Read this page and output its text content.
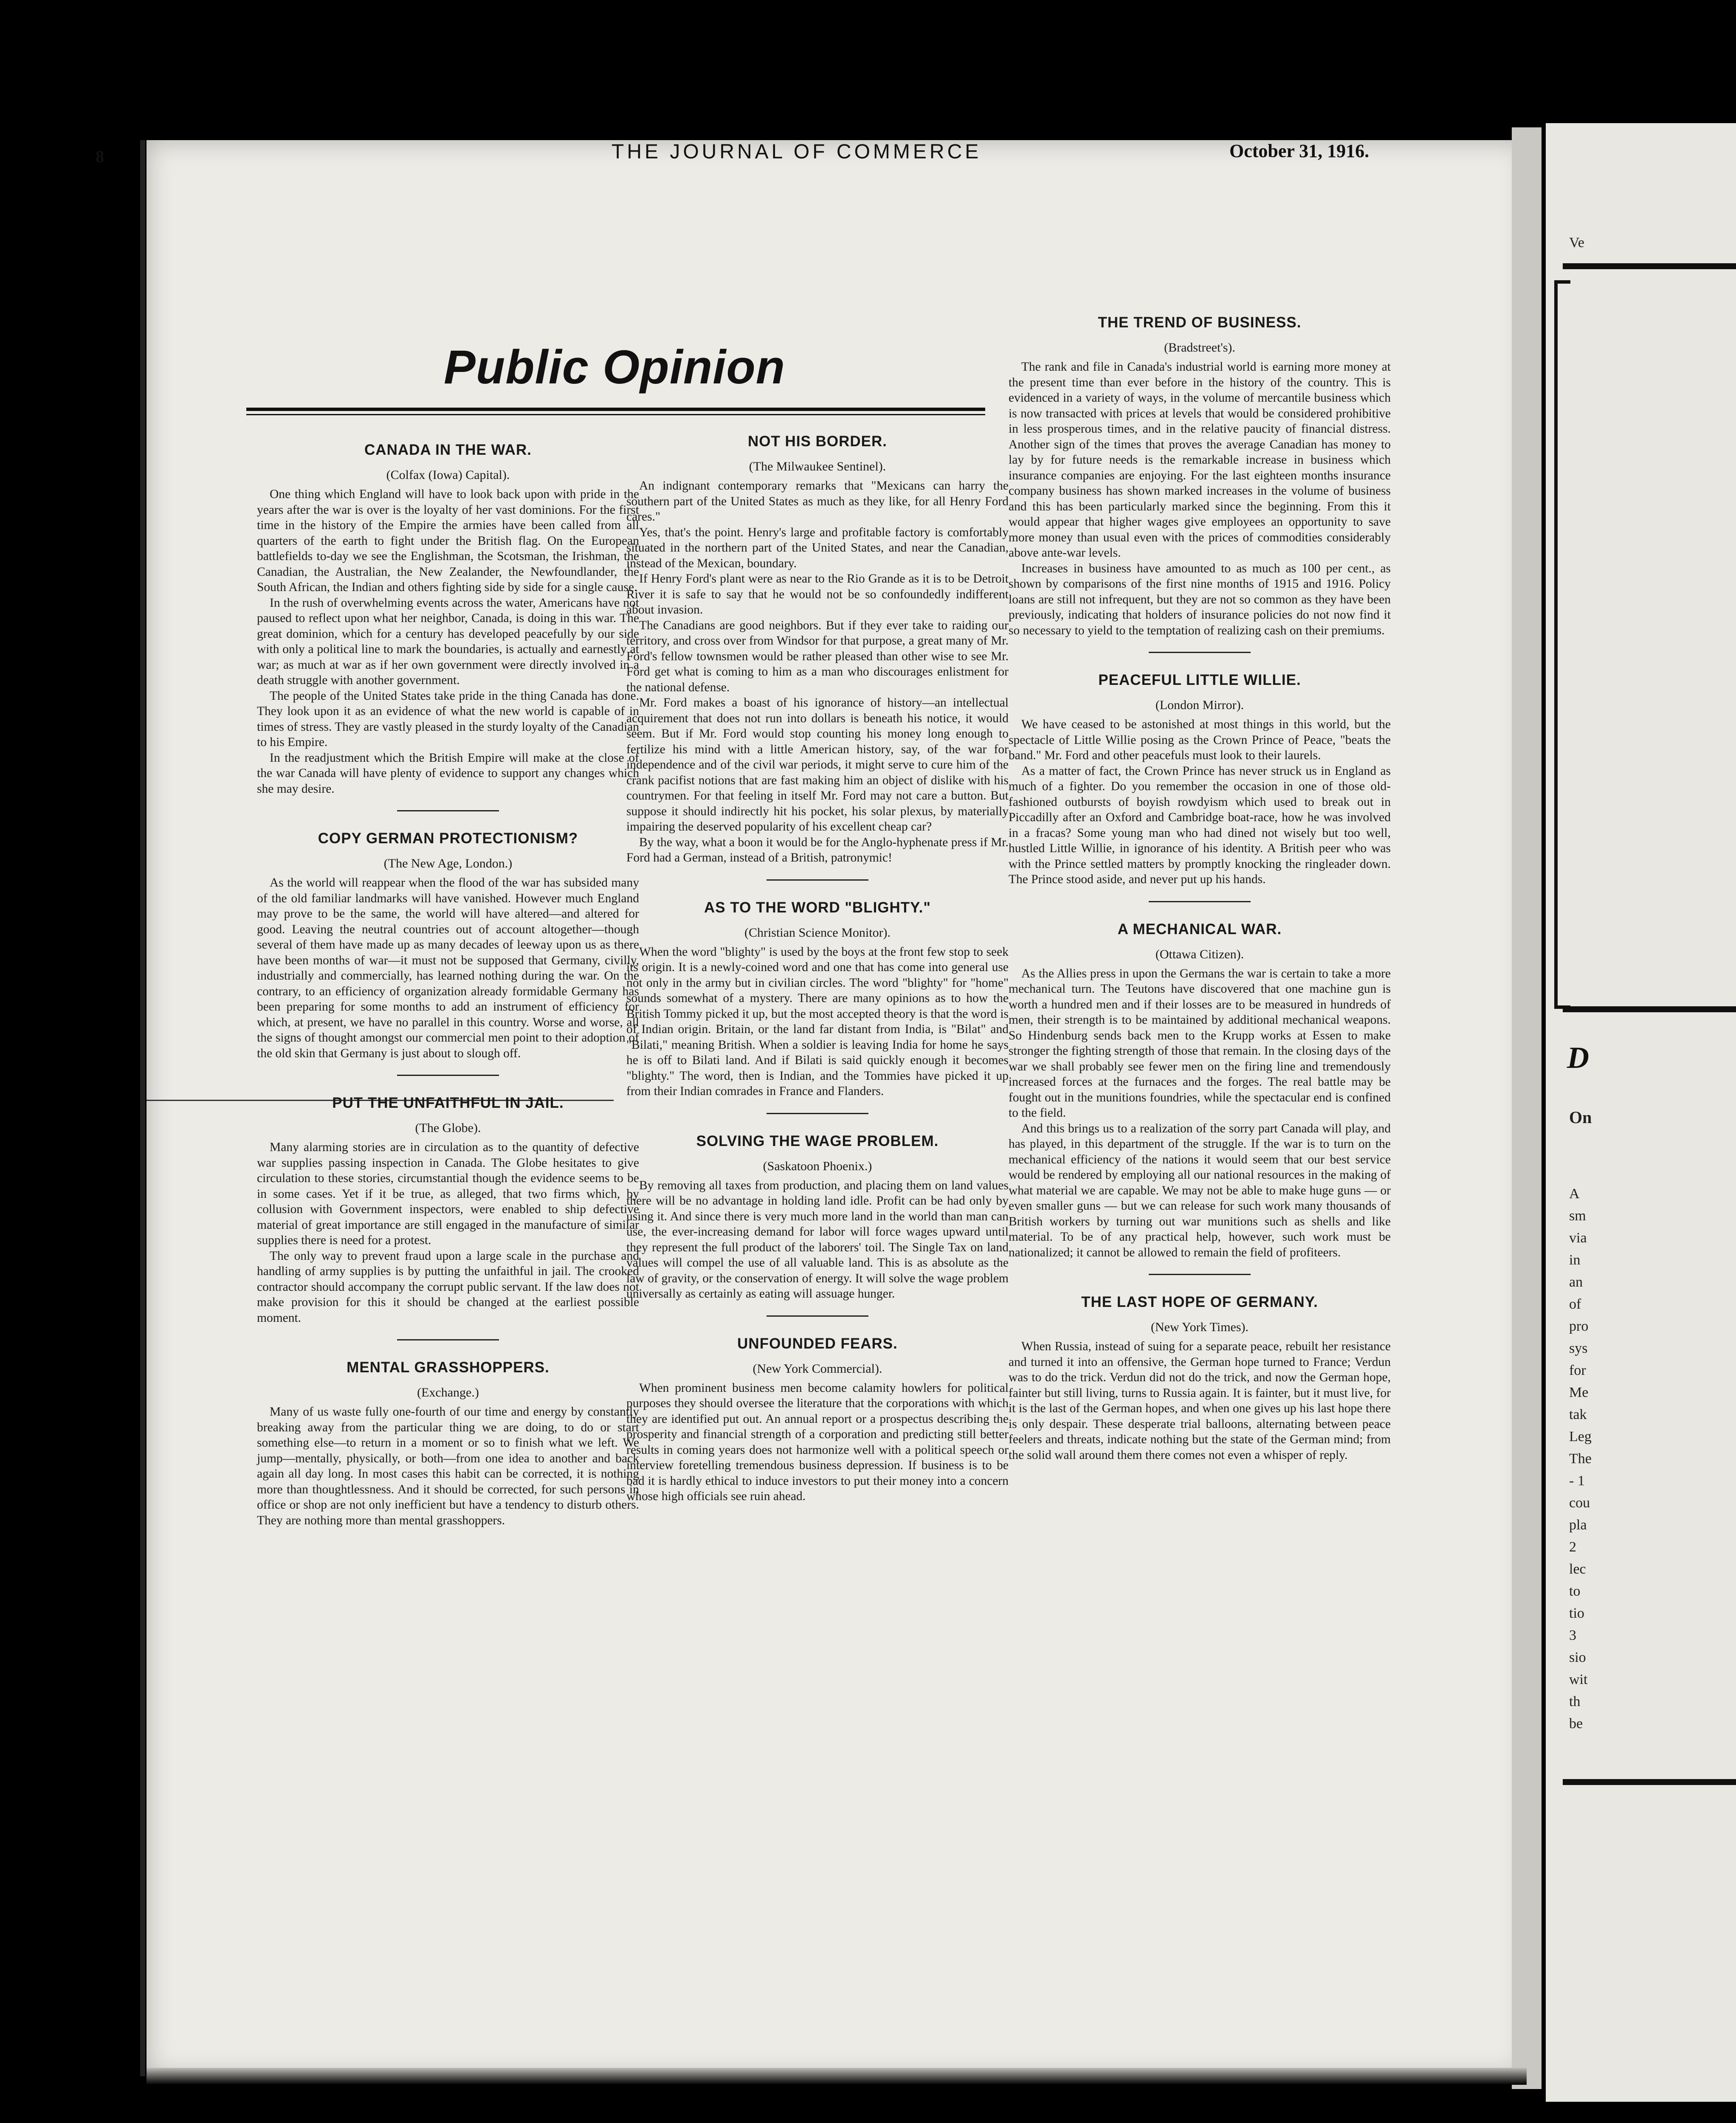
Ve
D
On
A
sm
via
in
an
of
pro
sys
for
Me
tak
Leg
The
- 1
cou
pla
2
lec
to
tio
3
sio
wit
th
be
8	THE JOURNAL OF COMMERCE	October 31, 1916.
Public Opinion
CANADA IN THE WAR.
(Colfax (Iowa) Capital).

One thing which England will have to look back upon with pride in the years after the war is over is the loyalty of her vast dominions. For the first time in the history of the Empire the armies have been called from all quarters of the earth to fight under the British flag. On the European battlefields to-day we see the Englishman, the Scotsman, the Irishman, the Canadian, the Australian, the New Zealander, the Newfoundlander, the South African, the Indian and others fighting side by side for a single cause.

In the rush of overwhelming events across the water, Americans have not paused to reflect upon what her neighbor, Canada, is doing in this war. The great dominion, which for a century has developed peacefully by our side with only a political line to mark the boundaries, is actually and earnestly at war; as much at war as if her own government were directly involved in a death struggle with another government.

The people of the United States take pride in the thing Canada has done. They look upon it as an evidence of what the new world is capable of in times of stress. They are vastly pleased in the sturdy loyalty of the Canadian to his Empire.

In the readjustment which the British Empire will make at the close of the war Canada will have plenty of evidence to support any changes which she may desire.

COPY GERMAN PROTECTIONISM?
(The New Age, London.)

As the world will reappear when the flood of the war has subsided many of the old familiar landmarks will have vanished. However much England may prove to be the same, the world will have altered—and altered for good. Leaving the neutral countries out of account altogether—though several of them have made up as many decades of leeway upon us as there have been months of war—it must not be supposed that Germany, civilly, industrially and commercially, has learned nothing during the war. On the contrary, to an efficiency of organization already formidable Germany has been preparing for some months to add an instrument of efficiency for which, at present, we have no parallel in this country. Worse and worse, all the signs of thought amongst our commercial men point to their adoption of the old skin that Germany is just about to slough off.

PUT THE UNFAITHFUL IN JAIL.
(The Globe).

Many alarming stories are in circulation as to the quantity of defective war supplies passing inspection in Canada. The Globe hesitates to give circulation to these stories, circumstantial though the evidence seems to be in some cases. Yet if it be true, as alleged, that two firms which, by collusion with Government inspectors, were enabled to ship defective material of great importance are still engaged in the manufacture of similar supplies there is need for a protest.

The only way to prevent fraud upon a large scale in the purchase and handling of army supplies is by putting the unfaithful in jail. The crooked contractor should accompany the corrupt public servant. If the law does not make provision for this it should be changed at the earliest possible moment.

MENTAL GRASSHOPPERS.
(Exchange.)

Many of us waste fully one-fourth of our time and energy by constantly breaking away from the particular thing we are doing, to do or start something else—to return in a moment or so to finish what we left. We jump—mentally, physically, or both—from one idea to another and back again all day long. In most cases this habit can be corrected, it is nothing more than thoughtlessness. And it should be corrected, for such persons in office or shop are not only inefficient but have a tendency to disturb others. They are nothing more than mental grasshoppers.

NOT HIS BORDER.
(The Milwaukee Sentinel).

An indignant contemporary remarks that "Mexicans can harry the southern part of the United States as much as they like, for all Henry Ford cares."

Yes, that's the point. Henry's large and profitable factory is comfortably situated in the northern part of the United States, and near the Canadian, instead of the Mexican, boundary.

If Henry Ford's plant were as near to the Rio Grande as it is to be Detroit River it is safe to say that he would not be so confoundedly indifferent about invasion.

The Canadians are good neighbors. But if they ever take to raiding our territory, and cross over from Windsor for that purpose, a great many of Mr. Ford's fellow townsmen would be rather pleased than other wise to see Mr. Ford get what is coming to him as a man who discourages enlistment for the national defense.

Mr. Ford makes a boast of his ignorance of history—an intellectual acquirement that does not run into dollars is beneath his notice, it would seem. But if Mr. Ford would stop counting his money long enough to fertilize his mind with a little American history, say, of the war for independence and of the civil war periods, it might serve to cure him of the crank pacifist notions that are fast making him an object of dislike with his countrymen. For that feeling in itself Mr. Ford may not care a button. But suppose it should indirectly hit his pocket, his solar plexus, by materially impairing the deserved popularity of his excellent cheap car?

By the way, what a boon it would be for the Anglo-hyphenate press if Mr. Ford had a German, instead of a British, patronymic!

AS TO THE WORD "BLIGHTY."
(Christian Science Monitor).

When the word "blighty" is used by the boys at the front few stop to seek its origin. It is a newly-coined word and one that has come into general use not only in the army but in civilian circles. The word "blighty" for "home" sounds somewhat of a mystery. There are many opinions as to how the British Tommy picked it up, but the most accepted theory is that the word is of Indian origin. Britain, or the land far distant from India, is "Bilat" and "Bilati," meaning British. When a soldier is leaving India for home he says he is off to Bilati land. And if Bilati is said quickly enough it becomes "blighty." The word, then is Indian, and the Tommies have picked it up from their Indian comrades in France and Flanders.

SOLVING THE WAGE PROBLEM.
(Saskatoon Phoenix.)

By removing all taxes from production, and placing them on land values there will be no advantage in holding land idle. Profit can be had only by using it. And since there is very much more land in the world than man can use, the ever-increasing demand for labor will force wages upward until they represent the full product of the laborers' toil. The Single Tax on land values will compel the use of all valuable land. This is as absolute as the law of gravity, or the conservation of energy. It will solve the wage problem universally as certainly as eating will assuage hunger.

UNFOUNDED FEARS.
(New York Commercial).

When prominent business men become calamity howlers for political purposes they should oversee the literature that the corporations with which they are identified put out. An annual report or a prospectus describing the prosperity and financial strength of a corporation and predicting still better results in coming years does not harmonize well with a political speech or interview foretelling tremendous business depression. If business is to be bad it is hardly ethical to induce investors to put their money into a concern whose high officials see ruin ahead.

THE TREND OF BUSINESS.
(Bradstreet's).

The rank and file in Canada's industrial world is earning more money at the present time than ever before in the history of the country. This is evidenced in a variety of ways, in the volume of mercantile business which is now transacted with prices at levels that would be considered prohibitive in less prosperous times, and in the relative paucity of financial distress. Another sign of the times that proves the average Canadian has money to lay by for future needs is the remarkable increase in business which insurance companies are enjoying. For the last eighteen months insurance company business has shown marked increases in the volume of business and this has been particularly marked since the beginning. From this it would appear that higher wages give employees an opportunity to save more money than usual even with the prices of commodities considerably above ante-war levels.

Increases in business have amounted to as much as 100 per cent., as shown by comparisons of the first nine months of 1915 and 1916. Policy loans are still not infrequent, but they are not so common as they have been previously, indicating that holders of insurance policies do not now find it so necessary to yield to the temptation of realizing cash on their premiums.

PEACEFUL LITTLE WILLIE.
(London Mirror).

We have ceased to be astonished at most things in this world, but the spectacle of Little Willie posing as the Crown Prince of Peace, "beats the band." Mr. Ford and other peacefuls must look to their laurels.

As a matter of fact, the Crown Prince has never struck us in England as much of a fighter. Do you remember the occasion in one of those old-fashioned outbursts of boyish rowdyism which used to break out in Piccadilly after an Oxford and Cambridge boat-race, how he was involved in a fracas? Some young man who had dined not wisely but too well, hustled Little Willie, in ignorance of his identity. A British peer who was with the Prince settled matters by promptly knocking the ringleader down. The Prince stood aside, and never put up his hands.

A MECHANICAL WAR.
(Ottawa Citizen).

As the Allies press in upon the Germans the war is certain to take a more mechanical turn. The Teutons have discovered that one machine gun is worth a hundred men and if their losses are to be measured in hundreds of men, their strength is to be maintained by additional mechanical weapons. So Hindenburg sends back men to the Krupp works at Essen to make stronger the fighting strength of those that remain. In the closing days of the war we shall probably see fewer men on the firing line and tremendously increased forces at the furnaces and the forges. The real battle may be fought out in the munitions foundries, while the spectacular end is confined to the field.

And this brings us to a realization of the sorry part Canada will play, and has played, in this department of the struggle. If the war is to turn on the mechanical efficiency of the nations it would seem that our best service would be rendered by employing all our national resources in the making of what material we are capable. We may not be able to make huge guns — or even smaller guns — but we can release for such work many thousands of British workers by turning out war munitions such as shells and like material. To be of any practical help, however, such work must be nationalized; it cannot be allowed to remain the field of profiteers.

THE LAST HOPE OF GERMANY.
(New York Times).

When Russia, instead of suing for a separate peace, rebuilt her resistance and turned it into an offensive, the German hope turned to France; Verdun was to do the trick. Verdun did not do the trick, and now the German hope, fainter but still living, turns to Russia again. It is fainter, but it must live, for it is the last of the German hopes, and when one gives up his last hope there is only despair. These desperate trial balloons, alternating between peace feelers and threats, indicate nothing but the state of the German mind; from the solid wall around them there comes not even a whisper of reply.
